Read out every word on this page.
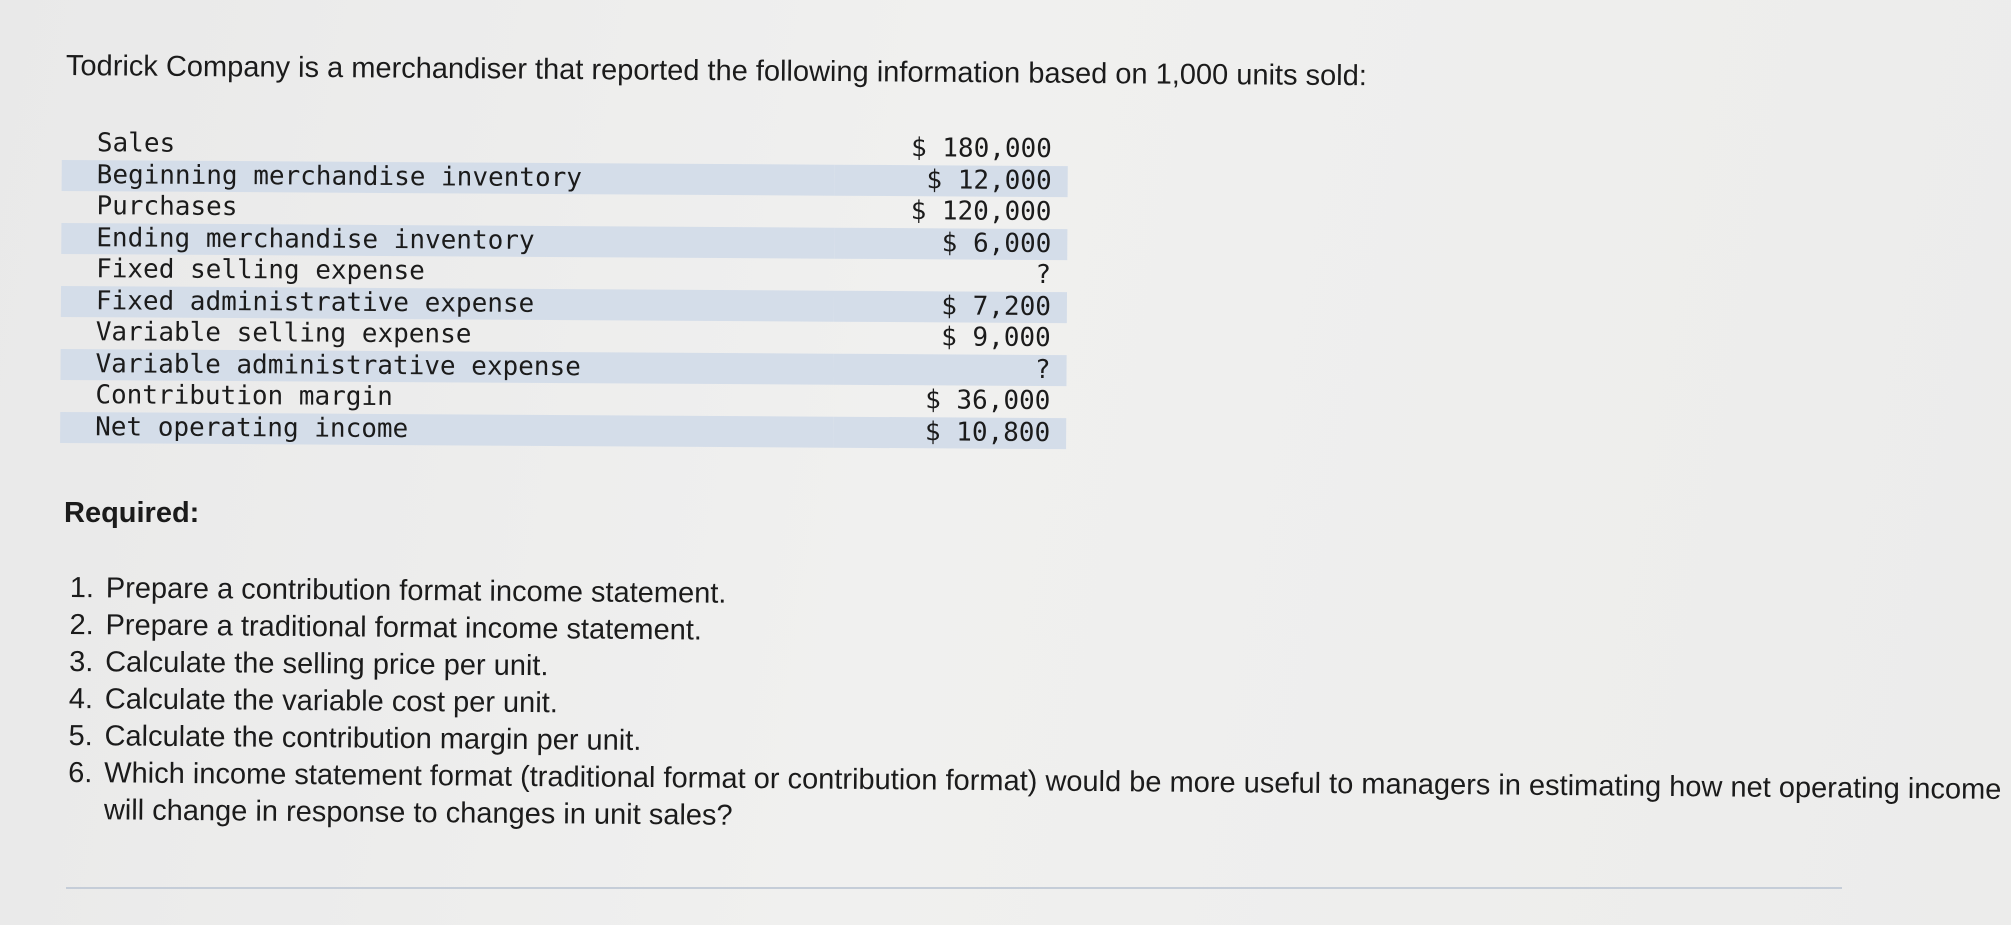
Todrick Company is a merchandiser that reported the following information based on 1,000 units sold:
Sales	$ 180,000
Beginning merchandise inventory	$ 12,000
Purchases	$ 120,000
Ending merchandise inventory	$ 6,000
Fixed selling expense	?
Fixed administrative expense	$ 7,200
Variable selling expense	$ 9,000
Variable administrative expense	?
Contribution margin	$ 36,000
Net operating income	$ 10,800
Required:
1. Prepare a contribution format income statement.
2. Prepare a traditional format income statement.
3. Calculate the selling price per unit.
4. Calculate the variable cost per unit.
5. Calculate the contribution margin per unit.
6. Which income statement format (traditional format or contribution format) would be more useful to managers in estimating how net operating income will change in response to changes in unit sales?
